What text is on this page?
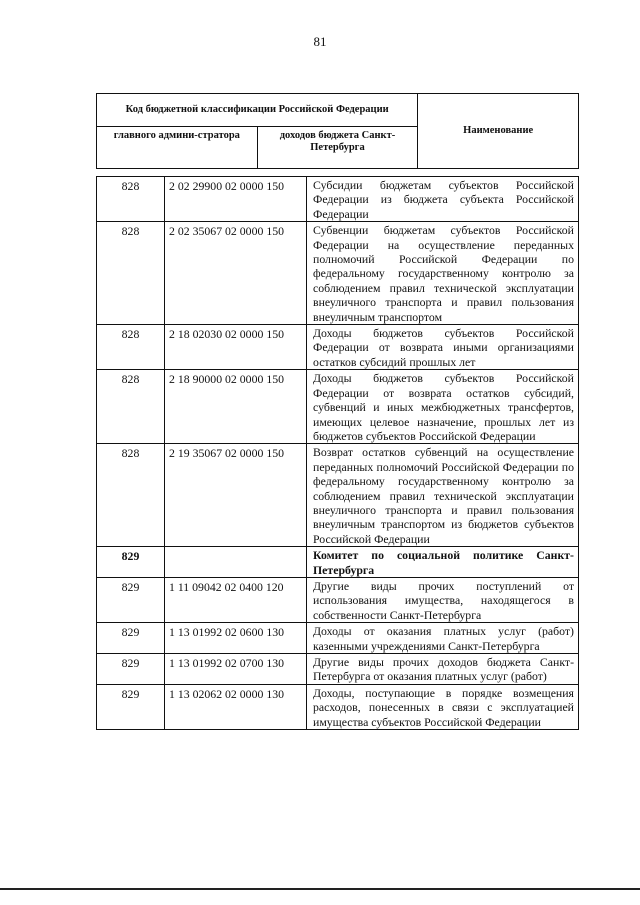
81
Код бюджетной классификации Российской Федерации		Наименование
главного админи-стратора	доходов бюджета Санкт-Петербурга	
828	2 02 29900 02 0000 150	Субсидии бюджетам субъектов Российской Федерации из бюджета субъекта Российской Федерации
828	2 02 35067 02 0000 150	Субвенции бюджетам субъектов Российской Федерации на осуществление переданных полномочий Российской Федерации по федеральному государственному контролю за соблюдением правил технической эксплуатации внеуличного транспорта и правил пользования внеуличным транспортом
828	2 18 02030 02 0000 150	Доходы бюджетов субъектов Российской Федерации от возврата иными организациями остатков субсидий прошлых лет
828	2 18 90000 02 0000 150	Доходы бюджетов субъектов Российской Федерации от возврата остатков субсидий, субвенций и иных межбюджетных трансфертов, имеющих целевое назначение, прошлых лет из бюджетов субъектов Российской Федерации
828	2 19 35067 02 0000 150	Возврат остатков субвенций на осуществление переданных полномочий Российской Федерации по федеральному государственному контролю за соблюдением правил технической эксплуатации внеуличного транспорта и правил пользования внеуличным транспортом из бюджетов субъектов Российской Федерации
829		Комитет по социальной политике Санкт-Петербурга
829	1 11 09042 02 0400 120	Другие виды прочих поступлений от использования имущества, находящегося в собственности Санкт-Петербурга
829	1 13 01992 02 0600 130	Доходы от оказания платных услуг (работ) казенными учреждениями Санкт-Петербурга
829	1 13 01992 02 0700 130	Другие виды прочих доходов бюджета Санкт-Петербурга от оказания платных услуг (работ)
829	1 13 02062 02 0000 130	Доходы, поступающие в порядке возмещения расходов, понесенных в связи с эксплуатацией имущества субъектов Российской Федерации
